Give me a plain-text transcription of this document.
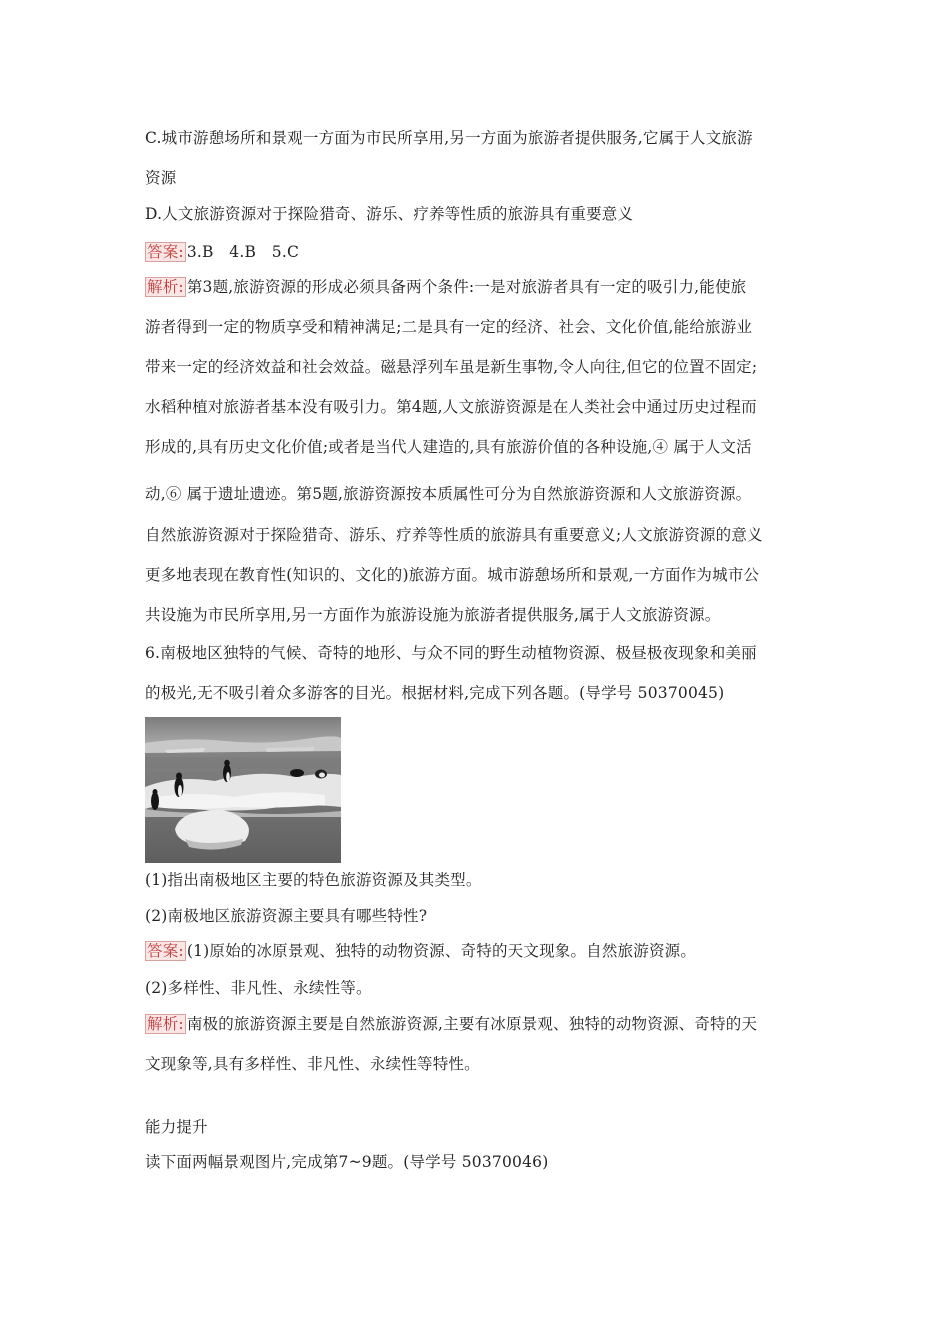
C.城市游憩场所和景观一方面为市民所享用,另一方面为旅游者提供服务,它属于人文旅游
资源
D.人文旅游资源对于探险猎奇、游乐、疗养等性质的旅游具有重要意义
答案: 3.B　4.B　5.C
解析: 第3题,旅游资源的形成必须具备两个条件:一是对旅游者具有一定的吸引力,能使旅
游者得到一定的物质享受和精神满足;二是具有一定的经济、社会、文化价值,能给旅游业
带来一定的经济效益和社会效益。磁悬浮列车虽是新生事物,令人向往,但它的位置不固定;
水稻种植对旅游者基本没有吸引力。第4题,人文旅游资源是在人类社会中通过历史过程而
形成的,具有历史文化价值;或者是当代人建造的,具有旅游价值的各种设施,④ 属于人文活
动,⑥ 属于遗址遗迹。第5题,旅游资源按本质属性可分为自然旅游资源和人文旅游资源。
自然旅游资源对于探险猎奇、游乐、疗养等性质的旅游具有重要意义;人文旅游资源的意义
更多地表现在教育性(知识的、文化的)旅游方面。城市游憩场所和景观,一方面作为城市公
共设施为市民所享用,另一方面作为旅游设施为旅游者提供服务,属于人文旅游资源。
6.南极地区独特的气候、奇特的地形、与众不同的野生动植物资源、极昼极夜现象和美丽
的极光,无不吸引着众多游客的目光。根据材料,完成下列各题。(导学号 50370045)
(1)指出南极地区主要的特色旅游资源及其类型。
(2)南极地区旅游资源主要具有哪些特性?
答案: (1)原始的冰原景观、独特的动物资源、奇特的天文现象。自然旅游资源。
(2)多样性、非凡性、永续性等。
解析: 南极的旅游资源主要是自然旅游资源,主要有冰原景观、独特的动物资源、奇特的天
文现象等,具有多样性、非凡性、永续性等特性。
能力提升
读下面两幅景观图片,完成第7~9题。(导学号 50370046)
